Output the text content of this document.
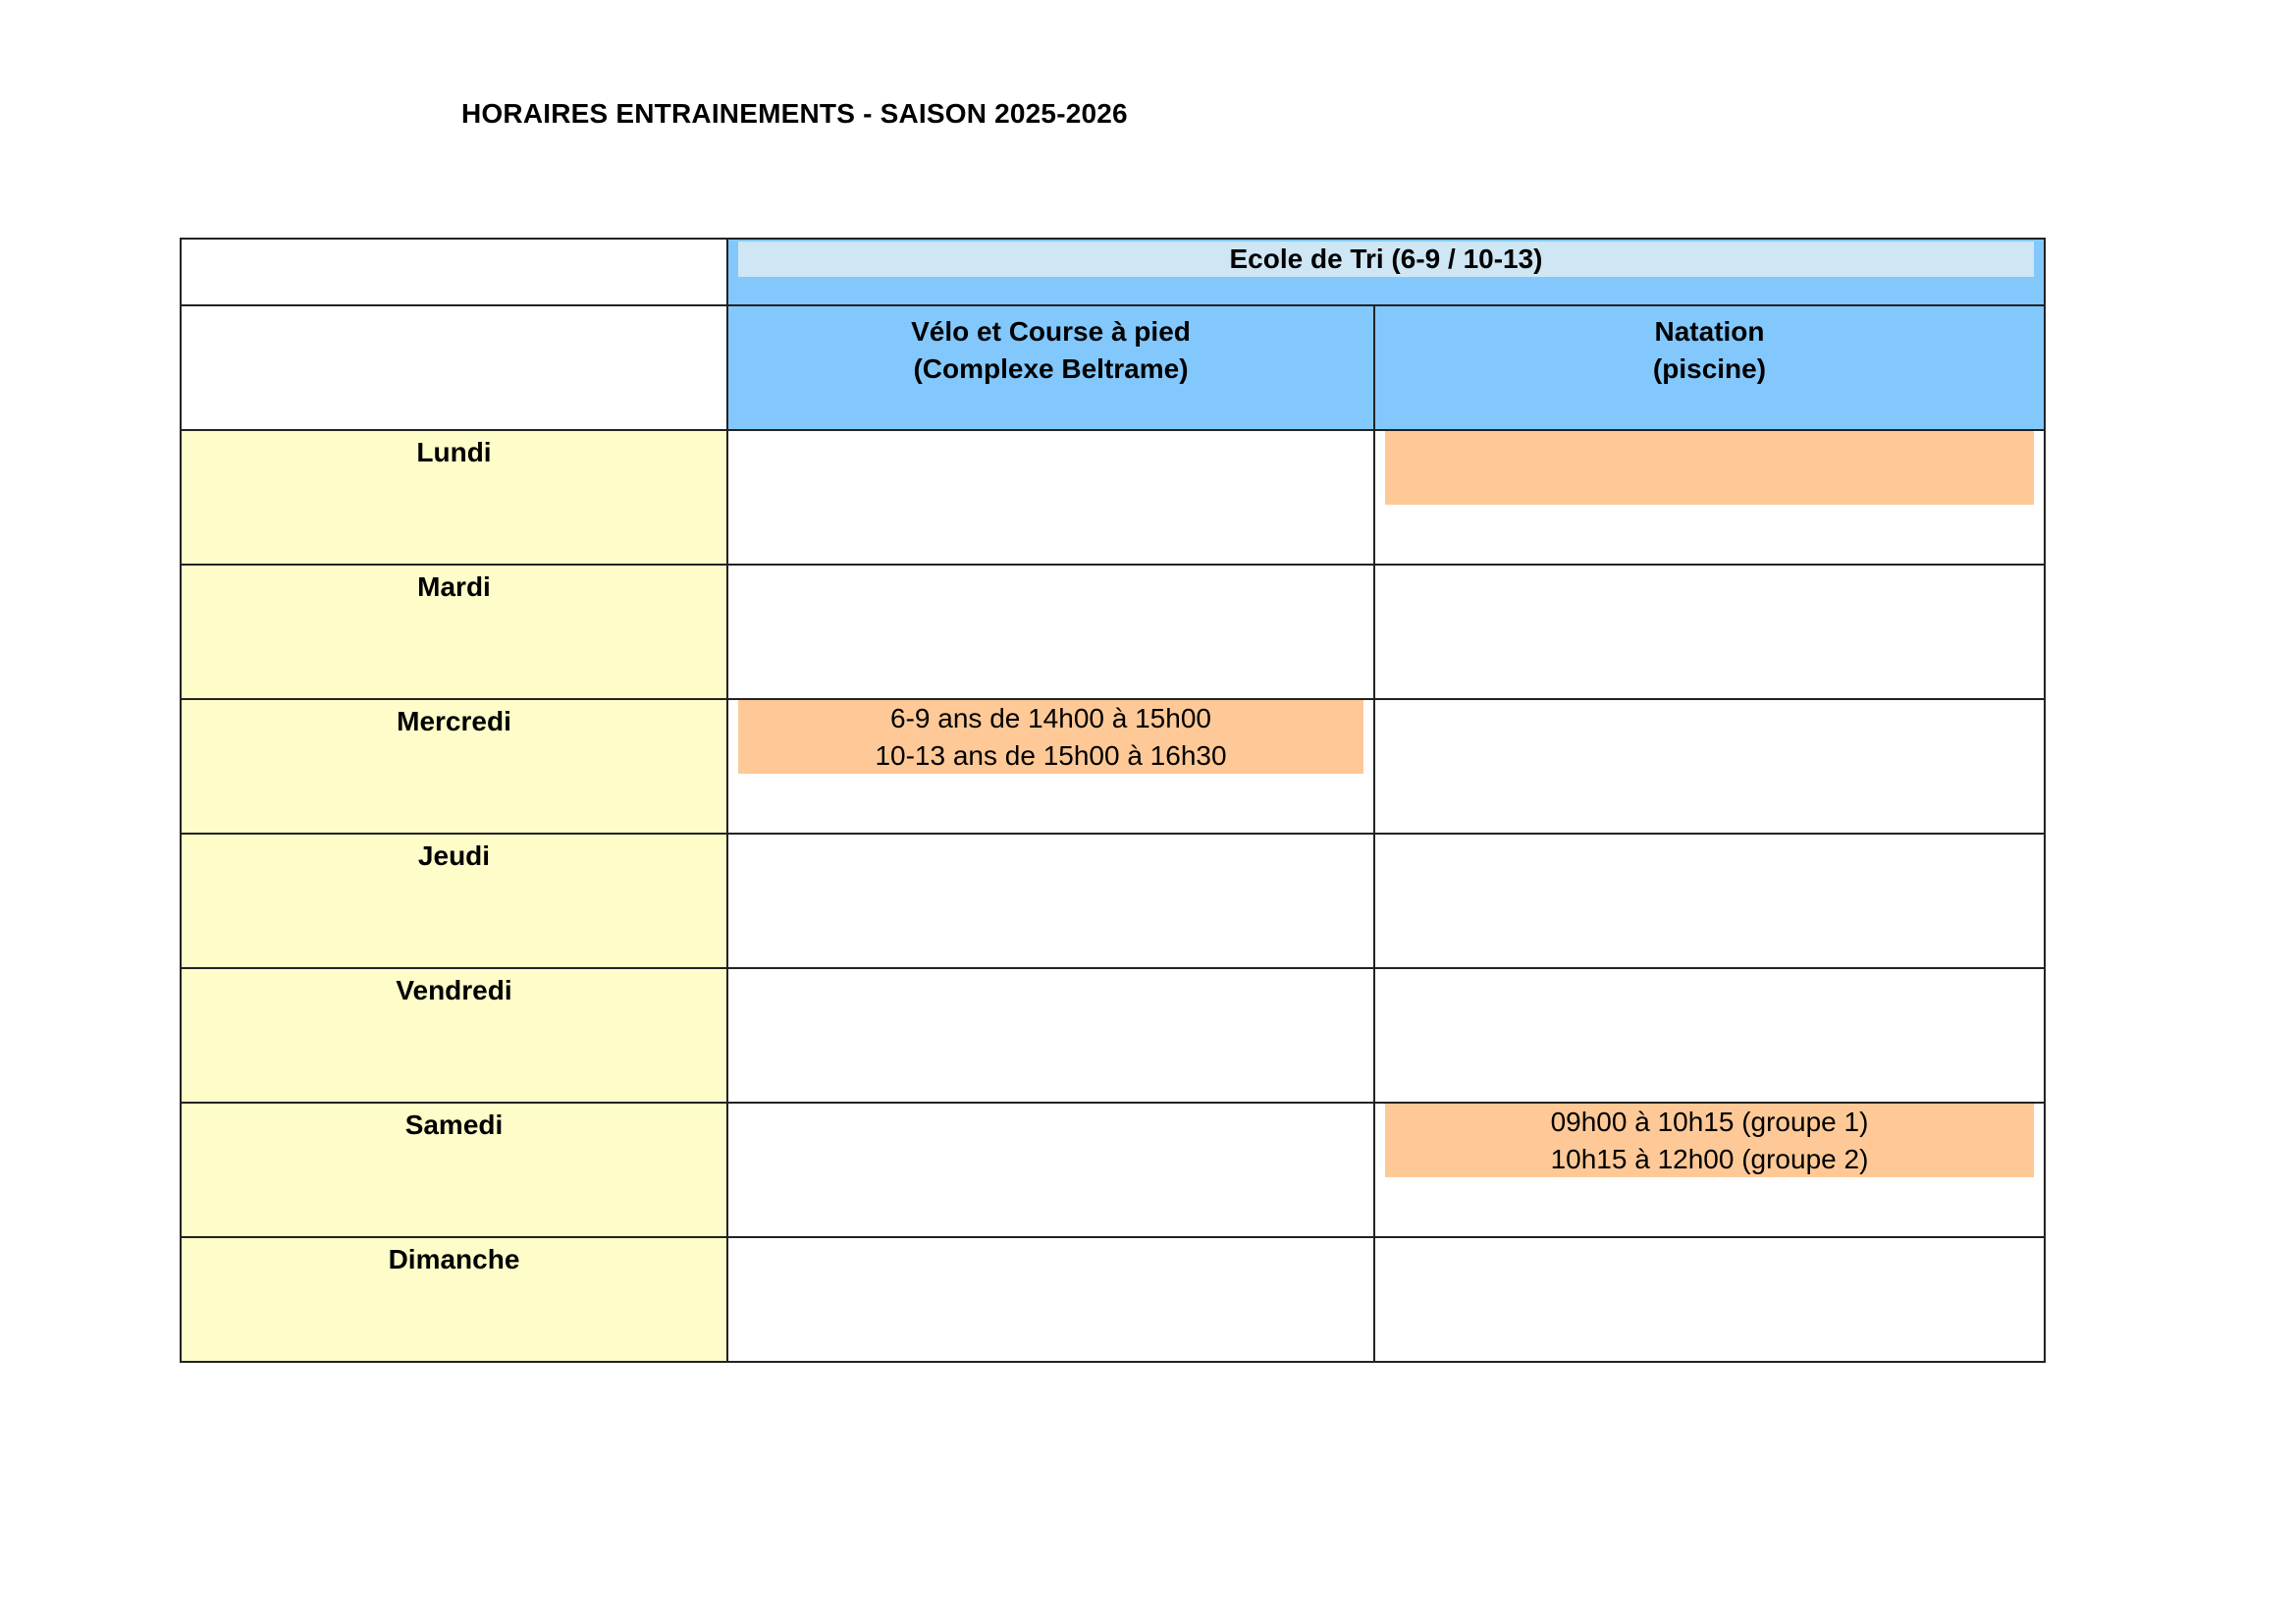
HORAIRES ENTRAINEMENTS - SAISON 2025-2026
Ecole de Tri (6-9 / 10-13)
Vélo et Course à pied
(Complexe Beltrame)
Natation
(piscine)
Lundi
Mardi
Mercredi
Jeudi
Vendredi
Samedi
Dimanche
6-9 ans de 14h00 à 15h00
10-13 ans de 15h00 à 16h30
09h00 à 10h15 (groupe 1)
10h15 à 12h00 (groupe 2)
